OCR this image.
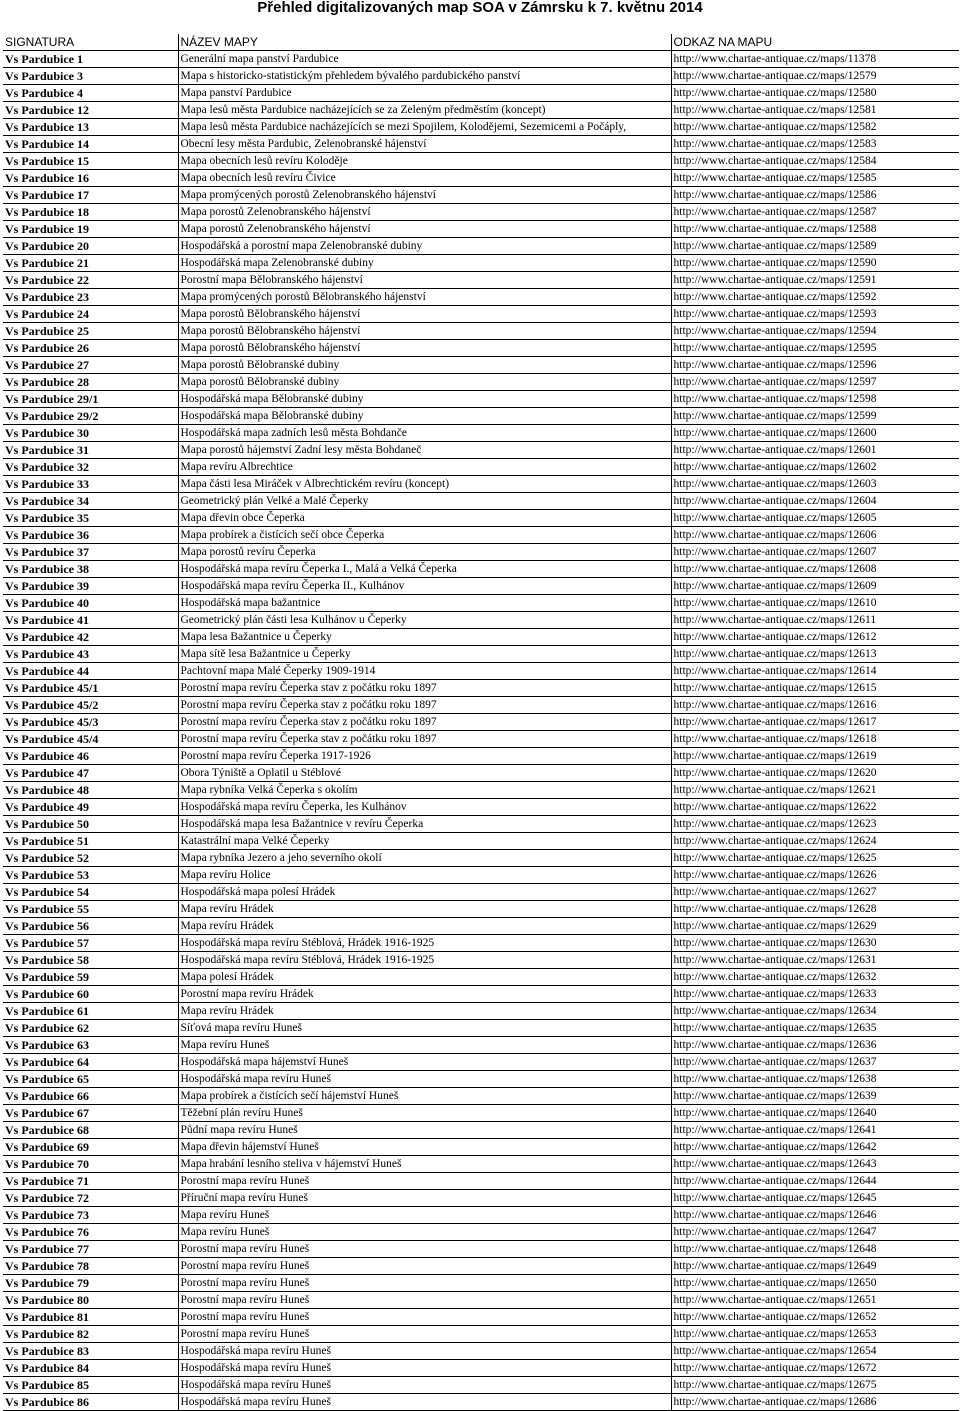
Přehled digitalizovaných map SOA v Zámrsku k 7. květnu 2014
SIGNATURA	NÁZEV MAPY	ODKAZ NA MAPU
Vs Pardubice 1	Generální mapa panství Pardubice	http://www.chartae-antiquae.cz/maps/11378
Vs Pardubice 3	Mapa s historicko-statistickým přehledem bývalého pardubického panství	http://www.chartae-antiquae.cz/maps/12579
Vs Pardubice 4	Mapa panství Pardubice	http://www.chartae-antiquae.cz/maps/12580
Vs Pardubice 12	Mapa lesů města Pardubice nacházejících se za Zeleným předměstím (koncept)	http://www.chartae-antiquae.cz/maps/12581
Vs Pardubice 13	Mapa lesů města Pardubice nacházejících se mezi Spojilem, Kolodějemi, Sezemicemi a Počáply,	http://www.chartae-antiquae.cz/maps/12582
Vs Pardubice 14	Obecní lesy města Pardubic, Zelenobranské hájenství	http://www.chartae-antiquae.cz/maps/12583
Vs Pardubice 15	Mapa obecních lesů revíru Koloděje	http://www.chartae-antiquae.cz/maps/12584
Vs Pardubice 16	Mapa obecních lesů revíru Čivice	http://www.chartae-antiquae.cz/maps/12585
Vs Pardubice 17	Mapa promýcených porostů Zelenobranského hájenství	http://www.chartae-antiquae.cz/maps/12586
Vs Pardubice 18	Mapa porostů Zelenobranského hájenství	http://www.chartae-antiquae.cz/maps/12587
Vs Pardubice 19	Mapa porostů Zelenobranského hájenství	http://www.chartae-antiquae.cz/maps/12588
Vs Pardubice 20	Hospodářská a porostní mapa Zelenobranské dubiny	http://www.chartae-antiquae.cz/maps/12589
Vs Pardubice 21	Hospodářská mapa Zelenobranské dubiny	http://www.chartae-antiquae.cz/maps/12590
Vs Pardubice 22	Porostní mapa Bělobranského hájenství	http://www.chartae-antiquae.cz/maps/12591
Vs Pardubice 23	Mapa promýcených porostů Bělobranského hájenství	http://www.chartae-antiquae.cz/maps/12592
Vs Pardubice 24	Mapa porostů Bělobranského hájenství	http://www.chartae-antiquae.cz/maps/12593
Vs Pardubice 25	Mapa porostů Bělobranského hájenství	http://www.chartae-antiquae.cz/maps/12594
Vs Pardubice 26	Mapa porostů Bělobranského hájenství	http://www.chartae-antiquae.cz/maps/12595
Vs Pardubice 27	Mapa porostů Bělobranské dubiny	http://www.chartae-antiquae.cz/maps/12596
Vs Pardubice 28	Mapa porostů Bělobranské dubiny	http://www.chartae-antiquae.cz/maps/12597
Vs Pardubice 29/1	Hospodářská mapa Bělobranské dubiny	http://www.chartae-antiquae.cz/maps/12598
Vs Pardubice 29/2	Hospodářská mapa Bělobranské dubiny	http://www.chartae-antiquae.cz/maps/12599
Vs Pardubice 30	Hospodářská mapa zadních lesů města Bohdanče	http://www.chartae-antiquae.cz/maps/12600
Vs Pardubice 31	Mapa porostů hájemství Zadní lesy města Bohdaneč	http://www.chartae-antiquae.cz/maps/12601
Vs Pardubice 32	Mapa revíru Albrechtice	http://www.chartae-antiquae.cz/maps/12602
Vs Pardubice 33	Mapa části lesa Miráček v Albrechtickém revíru (koncept)	http://www.chartae-antiquae.cz/maps/12603
Vs Pardubice 34	Geometrický plán Velké a Malé Čeperky	http://www.chartae-antiquae.cz/maps/12604
Vs Pardubice 35	Mapa dřevin obce Čeperka	http://www.chartae-antiquae.cz/maps/12605
Vs Pardubice 36	Mapa probírek a čistících sečí obce Čeperka	http://www.chartae-antiquae.cz/maps/12606
Vs Pardubice 37	Mapa porostů revíru Čeperka	http://www.chartae-antiquae.cz/maps/12607
Vs Pardubice 38	Hospodářská mapa revíru Čeperka I., Malá a Velká Čeperka	http://www.chartae-antiquae.cz/maps/12608
Vs Pardubice 39	Hospodářská mapa revíru Čeperka II., Kulhánov	http://www.chartae-antiquae.cz/maps/12609
Vs Pardubice 40	Hospodářská mapa bažantnice	http://www.chartae-antiquae.cz/maps/12610
Vs Pardubice 41	Geometrický plán části lesa Kulhánov u Čeperky	http://www.chartae-antiquae.cz/maps/12611
Vs Pardubice 42	Mapa lesa Bažantnice u Čeperky	http://www.chartae-antiquae.cz/maps/12612
Vs Pardubice 43	Mapa sítě lesa Bažantnice u Čeperky	http://www.chartae-antiquae.cz/maps/12613
Vs Pardubice 44	Pachtovní mapa Malé Čeperky 1909-1914	http://www.chartae-antiquae.cz/maps/12614
Vs Pardubice 45/1	Porostní mapa revíru Čeperka stav z počátku roku 1897	http://www.chartae-antiquae.cz/maps/12615
Vs Pardubice 45/2	Porostní mapa revíru Čeperka stav z počátku roku 1897	http://www.chartae-antiquae.cz/maps/12616
Vs Pardubice 45/3	Porostní mapa revíru Čeperka stav z počátku roku 1897	http://www.chartae-antiquae.cz/maps/12617
Vs Pardubice 45/4	Porostní mapa revíru Čeperka stav z počátku roku 1897	http://www.chartae-antiquae.cz/maps/12618
Vs Pardubice 46	Porostní mapa revíru Čeperka 1917-1926	http://www.chartae-antiquae.cz/maps/12619
Vs Pardubice 47	Obora Týniště a Oplatil u Stéblové	http://www.chartae-antiquae.cz/maps/12620
Vs Pardubice 48	Mapa rybníka Velká Čeperka s okolím	http://www.chartae-antiquae.cz/maps/12621
Vs Pardubice 49	Hospodářská mapa revíru Čeperka, les Kulhánov	http://www.chartae-antiquae.cz/maps/12622
Vs Pardubice 50	Hospodářská mapa lesa Bažantnice v revíru Čeperka	http://www.chartae-antiquae.cz/maps/12623
Vs Pardubice 51	Katastrální mapa Velké Čeperky	http://www.chartae-antiquae.cz/maps/12624
Vs Pardubice 52	Mapa rybníka Jezero a jeho severního okolí	http://www.chartae-antiquae.cz/maps/12625
Vs Pardubice 53	Mapa revíru Holice	http://www.chartae-antiquae.cz/maps/12626
Vs Pardubice 54	Hospodářská mapa polesí Hrádek	http://www.chartae-antiquae.cz/maps/12627
Vs Pardubice 55	Mapa revíru Hrádek	http://www.chartae-antiquae.cz/maps/12628
Vs Pardubice 56	Mapa revíru Hrádek	http://www.chartae-antiquae.cz/maps/12629
Vs Pardubice 57	Hospodářská mapa revíru Stéblová, Hrádek 1916-1925	http://www.chartae-antiquae.cz/maps/12630
Vs Pardubice 58	Hospodářská mapa revíru Stéblová, Hrádek 1916-1925	http://www.chartae-antiquae.cz/maps/12631
Vs Pardubice 59	Mapa polesí Hrádek	http://www.chartae-antiquae.cz/maps/12632
Vs Pardubice 60	Porostní mapa revíru Hrádek	http://www.chartae-antiquae.cz/maps/12633
Vs Pardubice 61	Mapa revíru Hrádek	http://www.chartae-antiquae.cz/maps/12634
Vs Pardubice 62	Síťová mapa revíru Huneš	http://www.chartae-antiquae.cz/maps/12635
Vs Pardubice 63	Mapa revíru Huneš	http://www.chartae-antiquae.cz/maps/12636
Vs Pardubice 64	Hospodářská mapa hájemství Huneš	http://www.chartae-antiquae.cz/maps/12637
Vs Pardubice 65	Hospodářská mapa revíru Huneš	http://www.chartae-antiquae.cz/maps/12638
Vs Pardubice 66	Mapa probírek a čistících sečí hájemství Huneš	http://www.chartae-antiquae.cz/maps/12639
Vs Pardubice 67	Těžební plán revíru Huneš	http://www.chartae-antiquae.cz/maps/12640
Vs Pardubice 68	Půdní mapa revíru Huneš	http://www.chartae-antiquae.cz/maps/12641
Vs Pardubice 69	Mapa dřevin hájemství Huneš	http://www.chartae-antiquae.cz/maps/12642
Vs Pardubice 70	Mapa hrabání lesního steliva v hájemství Huneš	http://www.chartae-antiquae.cz/maps/12643
Vs Pardubice 71	Porostní mapa revíru Huneš	http://www.chartae-antiquae.cz/maps/12644
Vs Pardubice 72	Příruční mapa revíru Huneš	http://www.chartae-antiquae.cz/maps/12645
Vs Pardubice 73	Mapa revíru Huneš	http://www.chartae-antiquae.cz/maps/12646
Vs Pardubice 76	Mapa revíru Huneš	http://www.chartae-antiquae.cz/maps/12647
Vs Pardubice 77	Porostní mapa revíru Huneš	http://www.chartae-antiquae.cz/maps/12648
Vs Pardubice 78	Porostní mapa revíru Huneš	http://www.chartae-antiquae.cz/maps/12649
Vs Pardubice 79	Porostní mapa revíru Huneš	http://www.chartae-antiquae.cz/maps/12650
Vs Pardubice 80	Porostní mapa revíru Huneš	http://www.chartae-antiquae.cz/maps/12651
Vs Pardubice 81	Porostní mapa revíru Huneš	http://www.chartae-antiquae.cz/maps/12652
Vs Pardubice 82	Porostní mapa revíru Huneš	http://www.chartae-antiquae.cz/maps/12653
Vs Pardubice 83	Hospodářská mapa revíru Huneš	http://www.chartae-antiquae.cz/maps/12654
Vs Pardubice 84	Hospodářská mapa revíru Huneš	http://www.chartae-antiquae.cz/maps/12672
Vs Pardubice 85	Hospodářská mapa revíru Huneš	http://www.chartae-antiquae.cz/maps/12675
Vs Pardubice 86	Hospodářská mapa revíru Huneš	http://www.chartae-antiquae.cz/maps/12686
